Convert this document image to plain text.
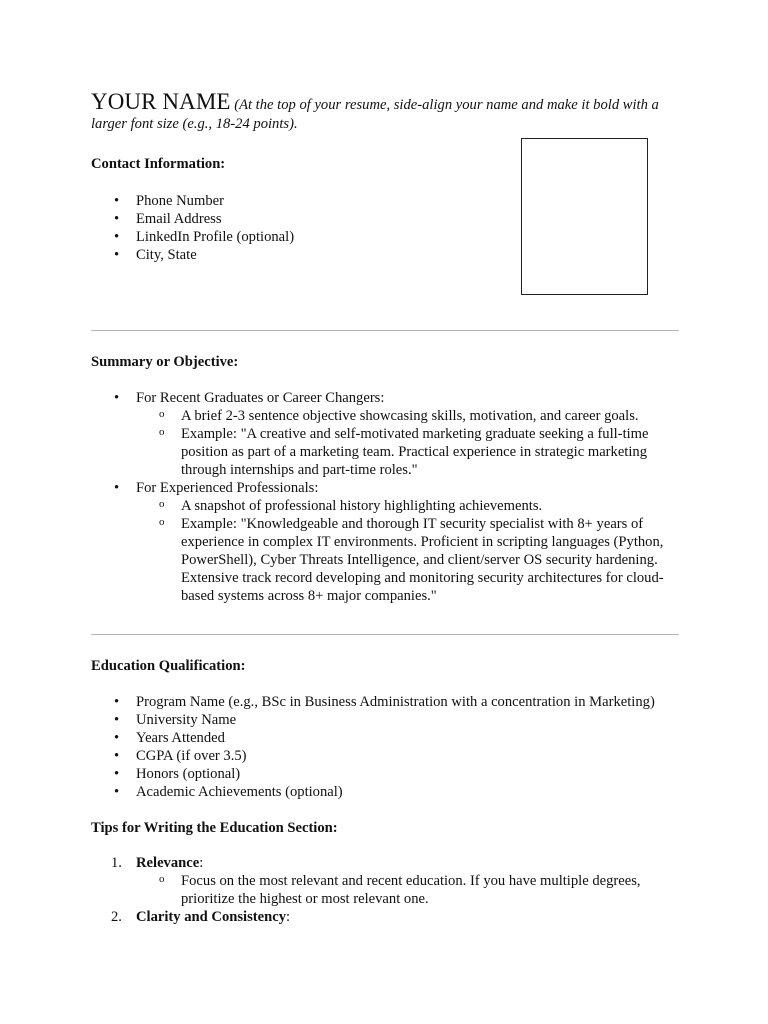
YOUR NAME (At the top of your resume, side-align your name and make it bold with a larger font size (e.g., 18-24 points).

Contact Information:
• Phone Number
• Email Address
• LinkedIn Profile (optional)
• City, State
Summary or Objective:
• For Recent Graduates or Career Changers:
o A brief 2-3 sentence objective showcasing skills, motivation, and career goals.
o Example: "A creative and self-motivated marketing graduate seeking a full-time position as part of a marketing team. Practical experience in strategic marketing through internships and part-time roles."
• For Experienced Professionals:
o A snapshot of professional history highlighting achievements.
o Example: "Knowledgeable and thorough IT security specialist with 8+ years of experience in complex IT environments. Proficient in scripting languages (Python, PowerShell), Cyber Threats Intelligence, and client/server OS security hardening. Extensive track record developing and monitoring security architectures for cloud-based systems across 8+ major companies."
Education Qualification:
• Program Name (e.g., BSc in Business Administration with a concentration in Marketing)
• University Name
• Years Attended
• CGPA (if over 3.5)
• Honors (optional)
• Academic Achievements (optional)
Tips for Writing the Education Section:
1. Relevance:
o Focus on the most relevant and recent education. If you have multiple degrees, prioritize the highest or most relevant one.
2. Clarity and Consistency:
